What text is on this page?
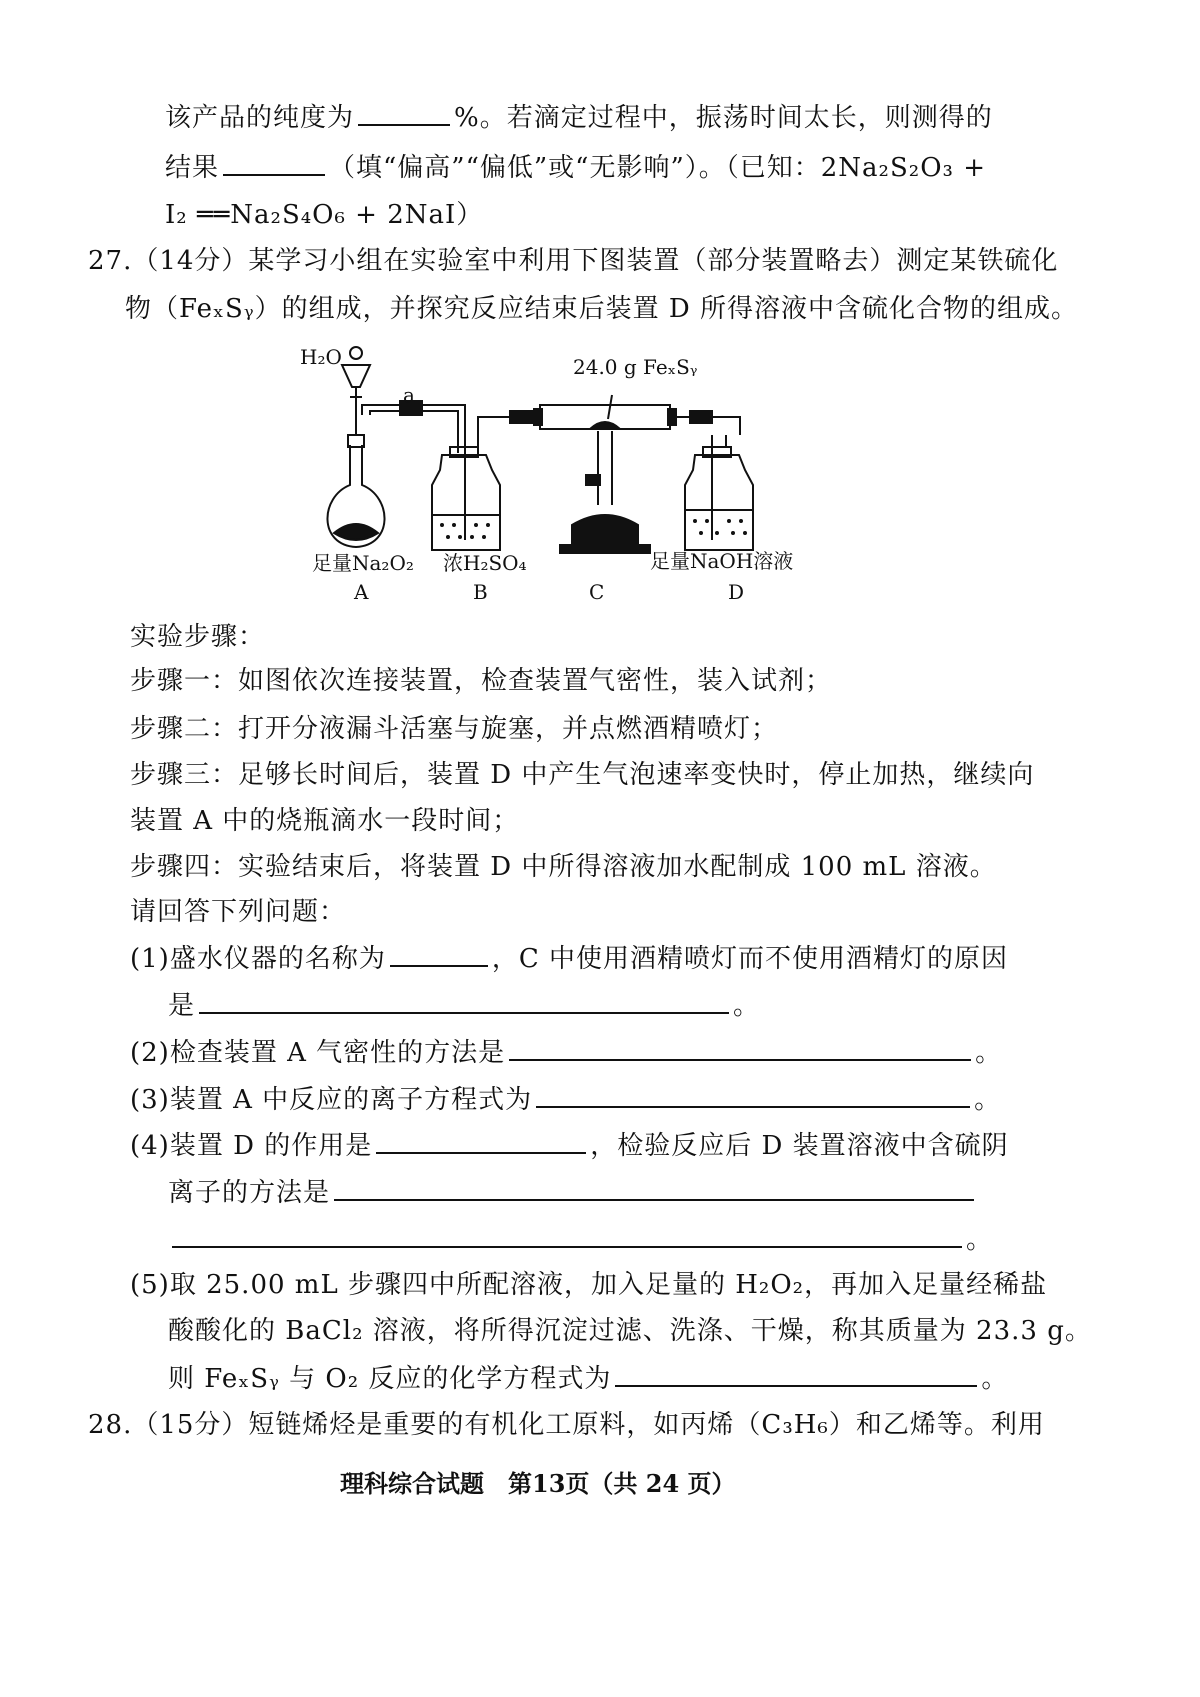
该产品的纯度为	%。若滴定过程中，振荡时间太长，则测得的
结果	（填“偏高”“偏低”或“无影响”）。（已知：2Na₂S₂O₃ +
I₂ ══Na₂S₄O₆ + 2NaI）
27.（14分）某学习小组在实验室中利用下图装置（部分装置略去）测定某铁硫化
物（FeₓSᵧ）的组成，并探究反应结束后装置 D 所得溶液中含硫化合物的组成。
H₂O
a
24.0 g FeₓSᵧ
足量Na₂O₂ 浓H₂SO₄	足量NaOH溶液
A	B	C	D
实验步骤：
步骤一：如图依次连接装置，检查装置气密性，装入试剂；
步骤二：打开分液漏斗活塞与旋塞，并点燃酒精喷灯；
步骤三：足够长时间后，装置 D 中产生气泡速率变快时，停止加热，继续向
装置 A 中的烧瓶滴水一段时间；
步骤四：实验结束后，将装置 D 中所得溶液加水配制成 100 mL 溶液。
请回答下列问题：
(1)盛水仪器的名称为	，C 中使用酒精喷灯而不使用酒精灯的原因
是	。
(2)检查装置 A 气密性的方法是	。
(3)装置 A 中反应的离子方程式为	。
(4)装置 D 的作用是	，检验反应后 D 装置溶液中含硫阴
离子的方法是
。
(5)取 25.00 mL 步骤四中所配溶液，加入足量的 H₂O₂，再加入足量经稀盐
酸酸化的 BaCl₂ 溶液，将所得沉淀过滤、洗涤、干燥，称其质量为 23.3 g。
则 FeₓSᵧ 与 O₂ 反应的化学方程式为	。
28.（15分）短链烯烃是重要的有机化工原料，如丙烯（C₃H₆）和乙烯等。利用
理科综合试题　第13页（共 24 页）
